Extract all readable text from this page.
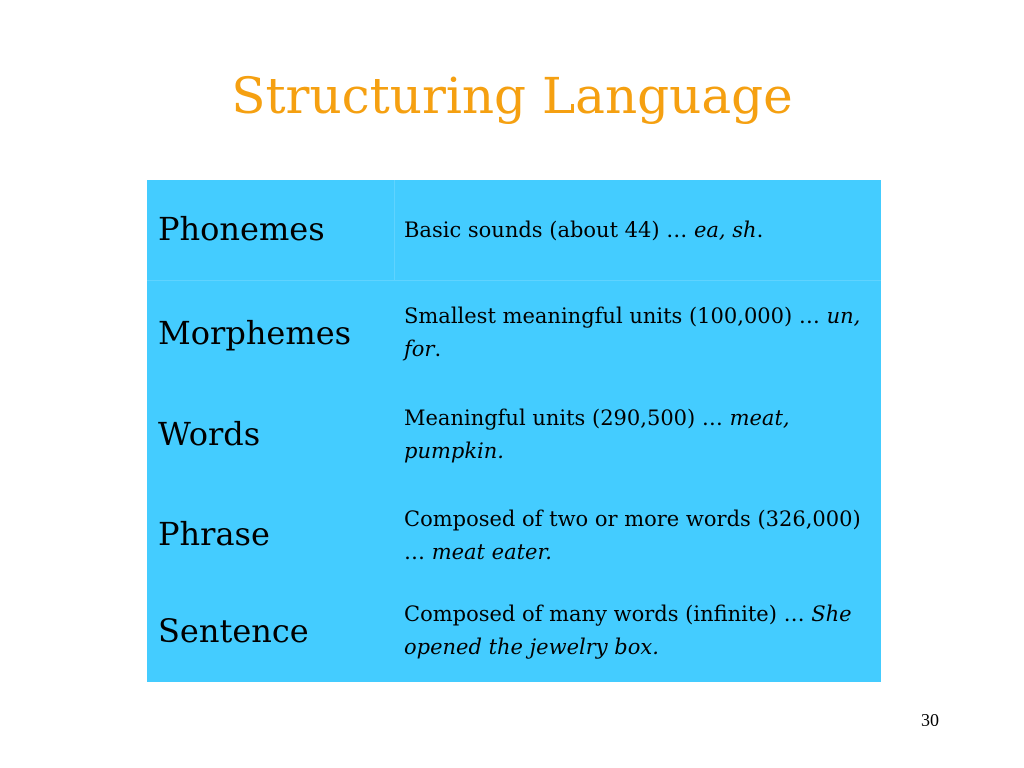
Structuring Language
Phonemes	Basic sounds (about 44) … ea, sh.
Morphemes	Smallest meaningful units (100,000) … un, for.
Words	Meaningful units (290,500) … meat, pumpkin.
Phrase	Composed of two or more words (326,000) … meat eater.
Sentence	Composed of many words (infinite) … She opened the jewelry box.
30
